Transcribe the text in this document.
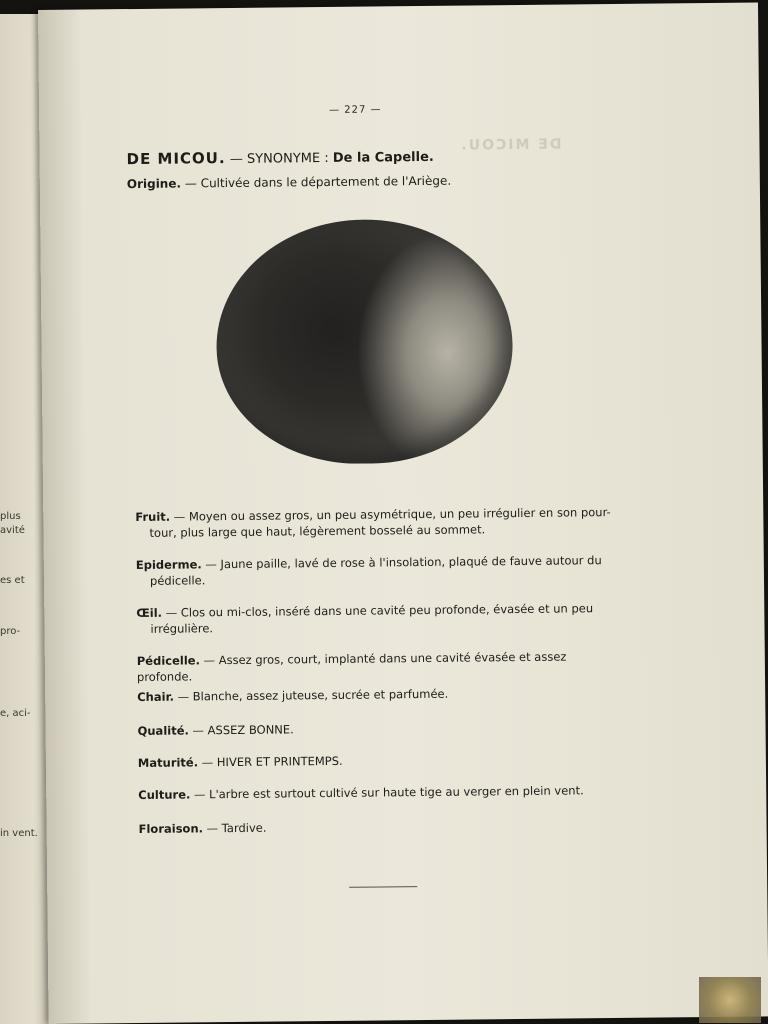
plus
avité
es et
pro-
e, aci-
in vent.
DE MICOU.
— 227 —
DE MICOU. — SYNONYME : De la Capelle.
Origine. — Cultivée dans le département de l'Ariège.
Fruit. — Moyen ou assez gros, un peu asymétrique, un peu irrégulier en son pour-
tour, plus large que haut, légèrement bosselé au sommet.
Epiderme. — Jaune paille, lavé de rose à l'insolation, plaqué de fauve autour du
pédicelle.
Œil. — Clos ou mi-clos, inséré dans une cavité peu profonde, évasée et un peu
irrégulière.
Pédicelle. — Assez gros, court, implanté dans une cavité évasée et assez profonde.
Chair. — Blanche, assez juteuse, sucrée et parfumée.
Qualité. — ASSEZ BONNE.
Maturité. — HIVER ET PRINTEMPS.
Culture. — L'arbre est surtout cultivé sur haute tige au verger en plein vent.
Floraison. — Tardive.
